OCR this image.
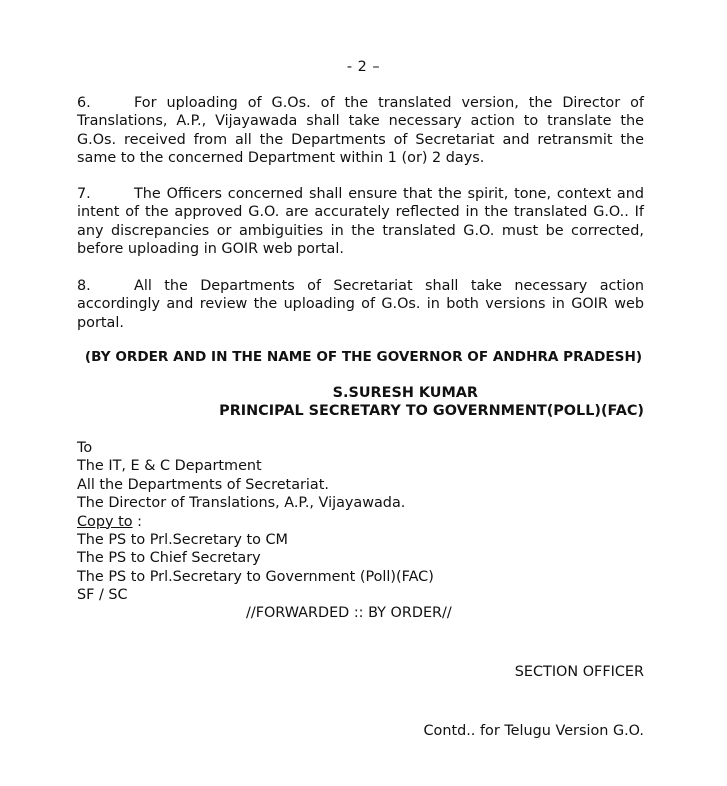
- 2 –

6.	For uploading of G.Os. of the translated version, the Director of Translations, A.P., Vijayawada shall take necessary action to translate the G.Os. received from all the Departments of Secretariat and retransmit the same to the concerned Department within 1 (or) 2 days.

7.	The Officers concerned shall ensure that the spirit, tone, context and intent of the approved G.O. are accurately reflected in the translated G.O.. If any discrepancies or ambiguities in the translated G.O. must be corrected, before uploading in GOIR web portal.

8.	All the Departments of Secretariat shall take necessary action accordingly and review the uploading of G.Os. in both versions in GOIR web portal.

(BY ORDER AND IN THE NAME OF THE GOVERNOR OF ANDHRA PRADESH)
S.SURESH KUMAR
PRINCIPAL SECRETARY TO GOVERNMENT(POLL)(FAC)
To
The IT, E & C Department
All the Departments of Secretariat.
The Director of Translations, A.P., Vijayawada.
Copy to :
The PS to Prl.Secretary to CM
The PS to Chief Secretary
The PS to Prl.Secretary to Government (Poll)(FAC)
SF / SC
//FORWARDED :: BY ORDER//
SECTION OFFICER
Contd.. for Telugu Version G.O.
